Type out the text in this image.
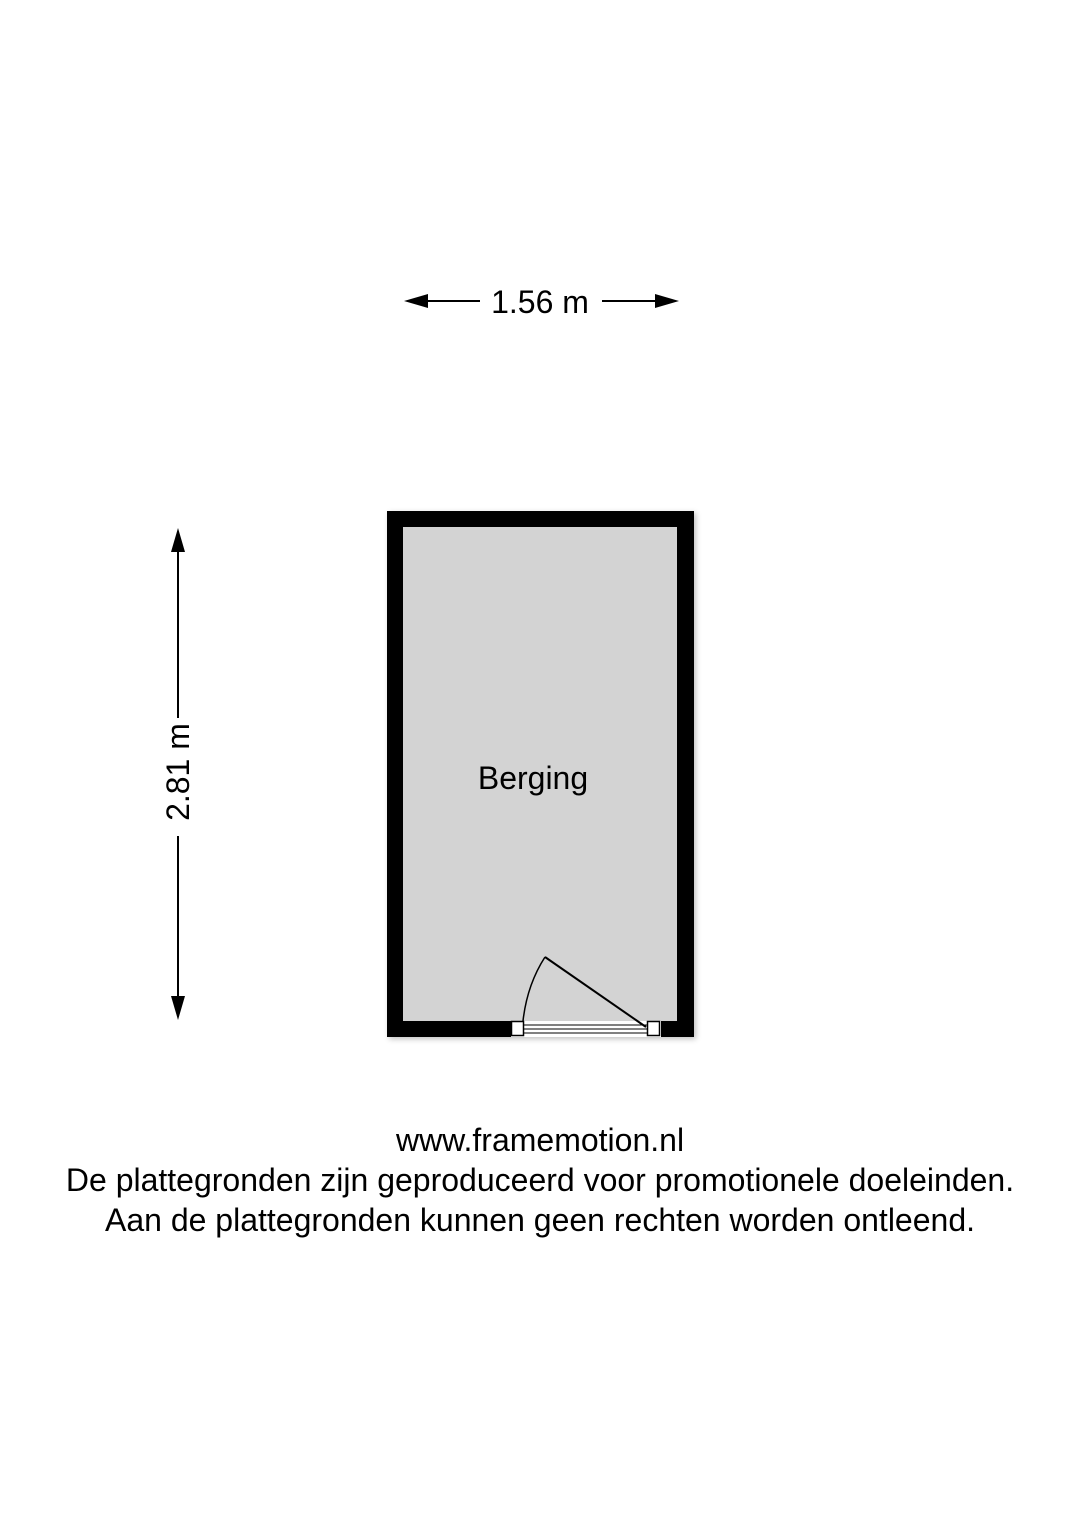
1.56 m
2.81 m	Berging
www.framemotion.nl
De plattegronden zijn geproduceerd voor promotionele doeleinden.
Aan de plattegronden kunnen geen rechten worden ontleend.
